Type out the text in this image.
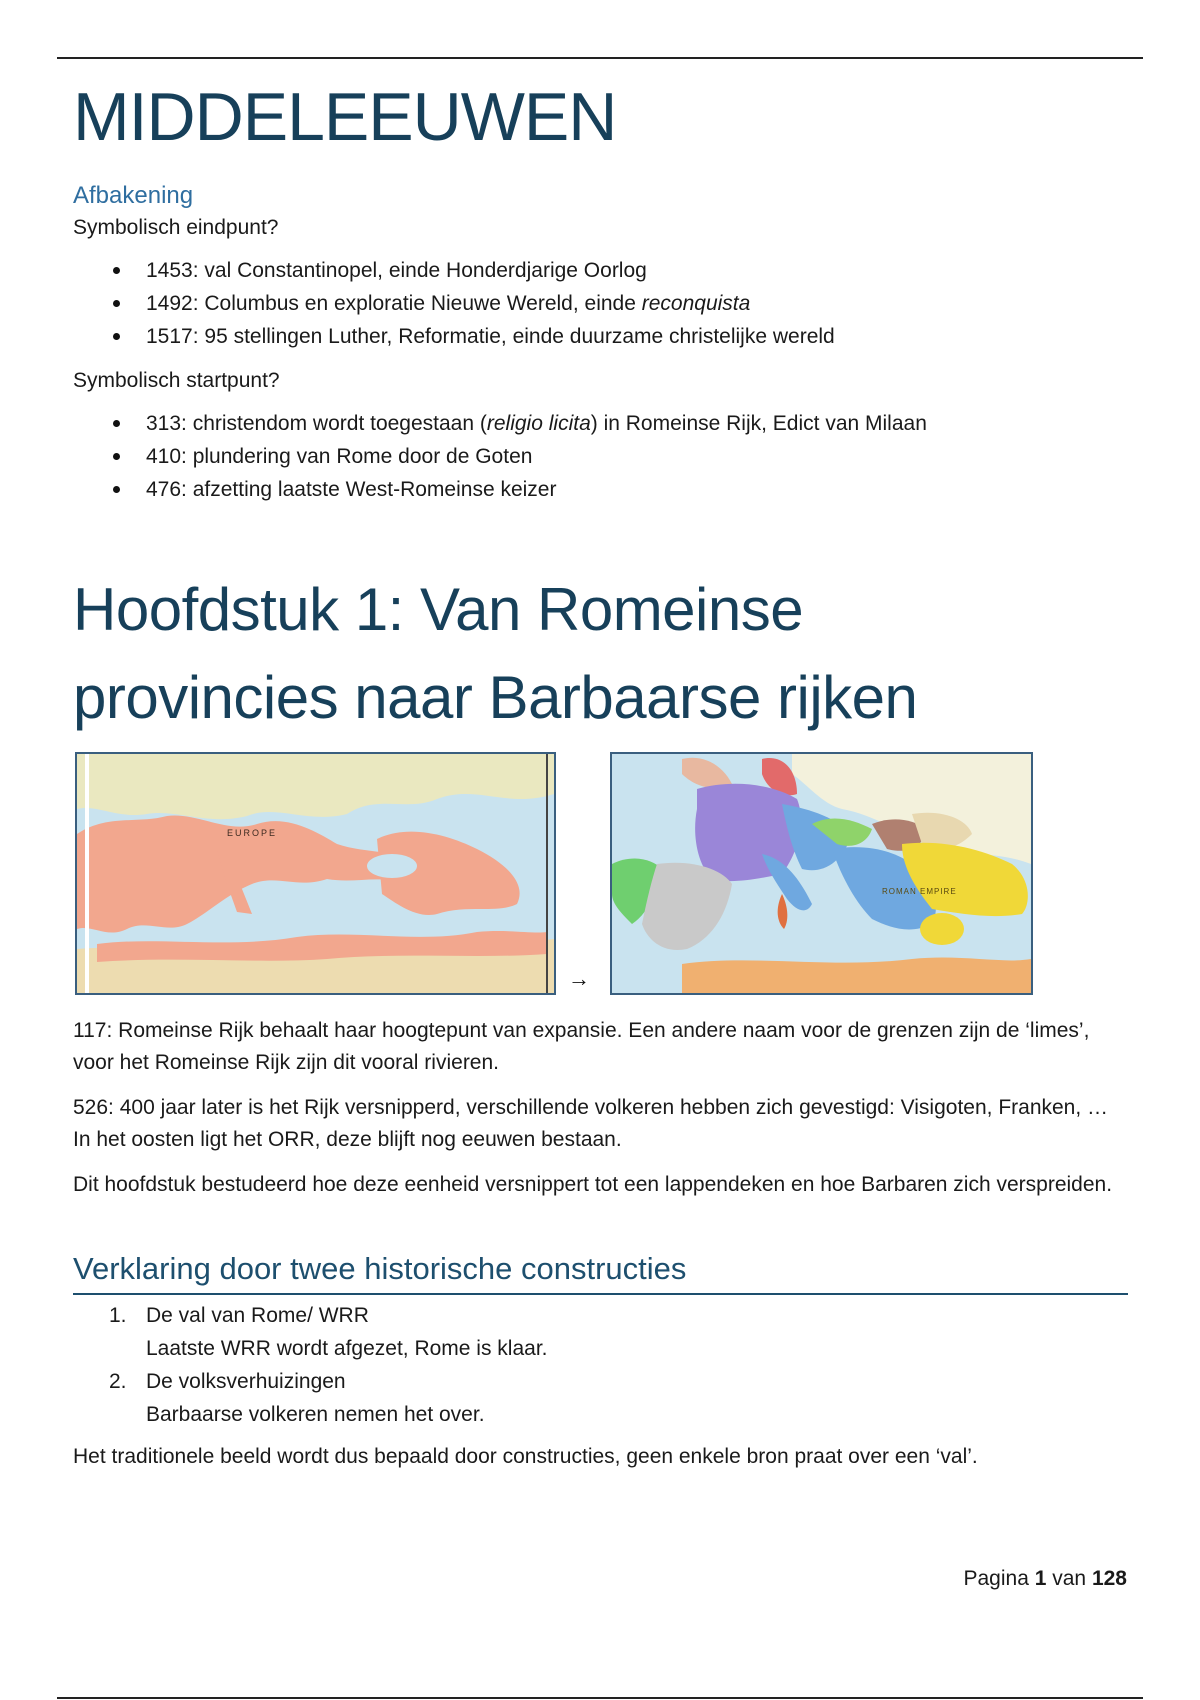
MIDDELEEUWEN
Afbakening

Symbolisch eindpunt?

1453: val Constantinopel, einde Honderdjarige Oorlog
1492: Columbus en exploratie Nieuwe Wereld, einde reconquista
1517: 95 stellingen Luther, Reformatie, einde duurzame christelijke wereld

Symbolisch startpunt?

313: christendom wordt toegestaan (religio licita) in Romeinse Rijk, Edict van Milaan
410: plundering van Rome door de Goten
476: afzetting laatste West-Romeinse keizer
Hoofdstuk 1: Van Romeinse
provincies naar Barbaarse rijken
EUROPE
→
ROMAN EMPIRE

117: Romeinse Rijk behaalt haar hoogtepunt van expansie. Een andere naam voor de grenzen zijn de ‘limes’, voor het Romeinse Rijk zijn dit vooral rivieren.

526: 400 jaar later is het Rijk versnipperd, verschillende volkeren hebben zich gevestigd: Visigoten, Franken, … In het oosten ligt het ORR, deze blijft nog eeuwen bestaan.

Dit hoofdstuk bestudeerd hoe deze eenheid versnippert tot een lappendeken en hoe Barbaren zich verspreiden.

Verklaring door twee historische constructies
1. De val van Rome/ WRR
Laatste WRR wordt afgezet, Rome is klaar.
2. De volksverhuizingen
Barbaarse volkeren nemen het over.

Het traditionele beeld wordt dus bepaald door constructies, geen enkele bron praat over een ‘val’.

Pagina 1 van 128
